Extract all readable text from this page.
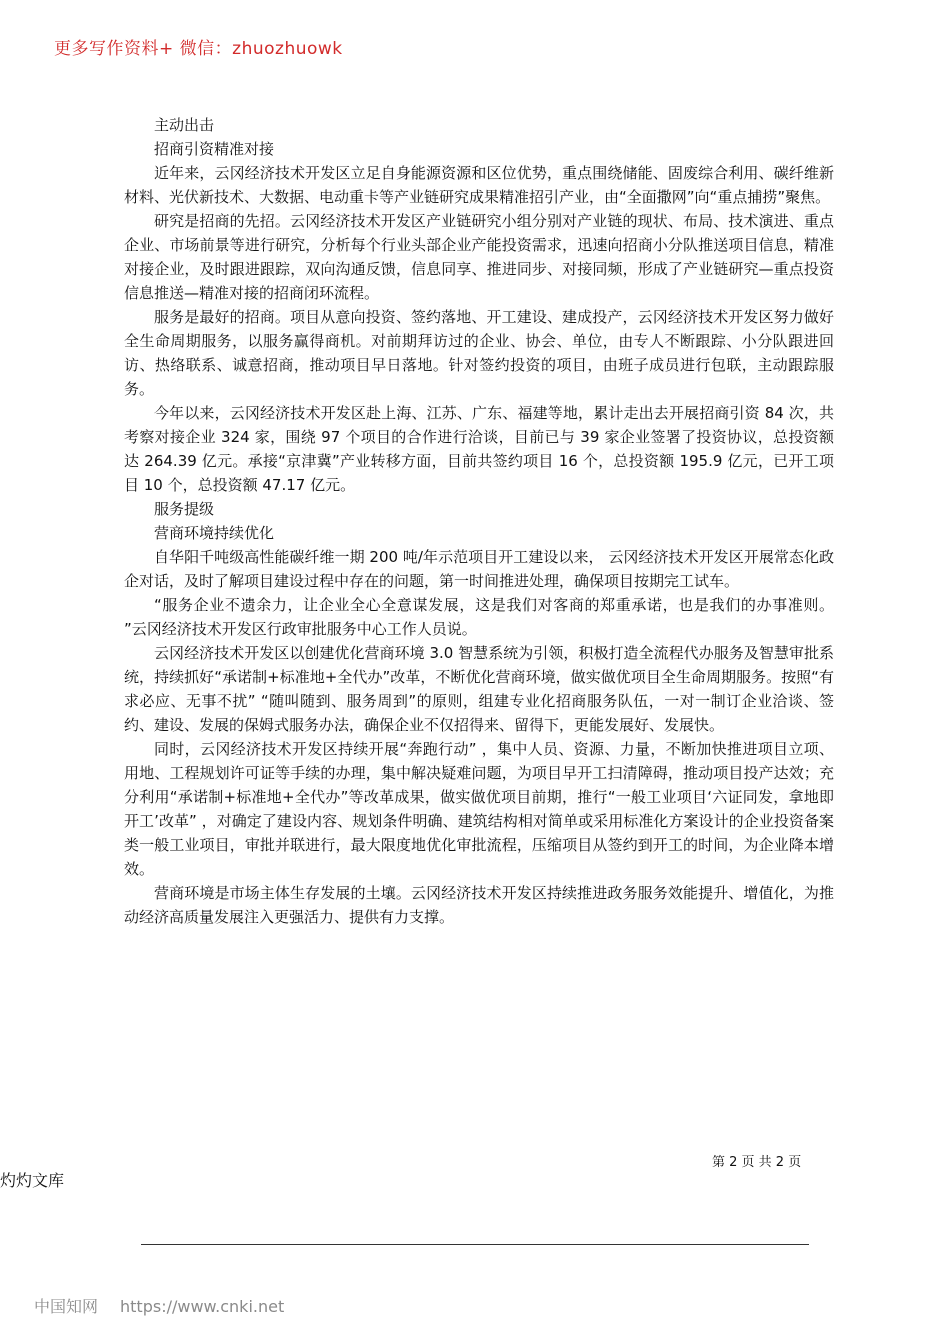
更多写作资料+ 微信：zhuozhuowk

主动出击

招商引资精准对接

近年来，云冈经济技术开发区立足自身能源资源和区位优势，重点围绕储能、固废综合利用、碳纤维新材料、光伏新技术、大数据、电动重卡等产业链研究成果精准招引产业，由“全面撒网”向“重点捕捞”聚焦。

研究是招商的先招。云冈经济技术开发区产业链研究小组分别对产业链的现状、布局、技术演进、重点企业、市场前景等进行研究，分析每个行业头部企业产能投资需求，迅速向招商小分队推送项目信息，精准对接企业，及时跟进跟踪，双向沟通反馈，信息同享、推进同步、对接同频，形成了产业链研究—重点投资信息推送—精准对接的招商闭环流程。

服务是最好的招商。项目从意向投资、签约落地、开工建设、建成投产，云冈经济技术开发区努力做好全生命周期服务，以服务赢得商机。对前期拜访过的企业、协会、单位，由专人不断跟踪、小分队跟进回访、热络联系、诚意招商，推动项目早日落地。针对签约投资的项目，由班子成员进行包联，主动跟踪服务。

今年以来，云冈经济技术开发区赴上海、江苏、广东、福建等地，累计走出去开展招商引资 84 次，共考察对接企业 324 家，围绕 97 个项目的合作进行洽谈，目前已与 39 家企业签署了投资协议，总投资额达 264.39 亿元。承接“京津冀”产业转移方面，目前共签约项目 16 个，总投资额 195.9 亿元，已开工项目 10 个，总投资额 47.17 亿元。

服务提级

营商环境持续优化

自华阳千吨级高性能碳纤维一期 200 吨/年示范项目开工建设以来， 云冈经济技术开发区开展常态化政企对话，及时了解项目建设过程中存在的问题，第一时间推进处理，确保项目按期完工试车。

“服务企业不遗余力，让企业全心全意谋发展，这是我们对客商的郑重承诺，也是我们的办事准则。 ”云冈经济技术开发区行政审批服务中心工作人员说。

云冈经济技术开发区以创建优化营商环境 3.0 智慧系统为引领，积极打造全流程代办服务及智慧审批系统，持续抓好“承诺制+标准地+全代办”改革，不断优化营商环境，做实做优项目全生命周期服务。按照“有求必应、无事不扰” “随叫随到、服务周到”的原则，组建专业化招商服务队伍，一对一制订企业洽谈、签约、建设、发展的保姆式服务办法，确保企业不仅招得来、留得下，更能发展好、发展快。

同时，云冈经济技术开发区持续开展“奔跑行动” ，集中人员、资源、力量，不断加快推进项目立项、用地、工程规划许可证等手续的办理，集中解决疑难问题，为项目早开工扫清障碍，推动项目投产达效；充分利用“承诺制+标准地+全代办”等改革成果，做实做优项目前期，推行“一般工业项目‘六证同发，拿地即开工’改革” ，对确定了建设内容、规划条件明确、建筑结构相对简单或采用标准化方案设计的企业投资备案类一般工业项目，审批并联进行，最大限度地优化审批流程，压缩项目从签约到开工的时间，为企业降本增效。

营商环境是市场主体生存发展的土壤。云冈经济技术开发区持续推进政务服务效能提升、增值化，为推动经济高质量发展注入更强活力、提供有力支撑。

第 2 页 共 2 页
灼灼文库
中国知网 https://www.cnki.net
